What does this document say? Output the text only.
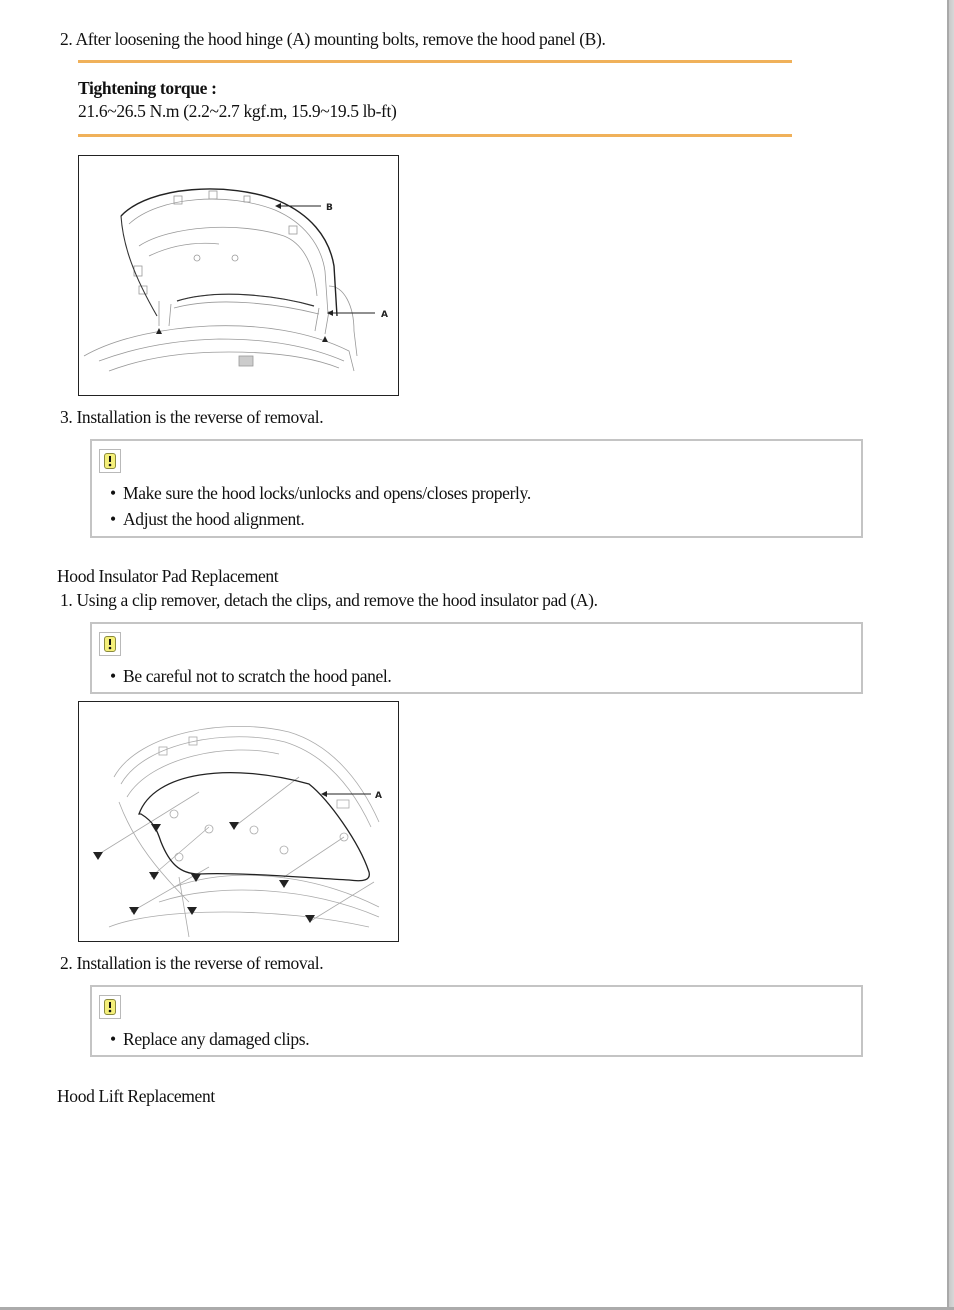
2. After loosening the hood hinge (A) mounting bolts, remove the hood panel (B).
Tightening torque :
21.6~26.5 N.m (2.2~2.7 kgf.m, 15.9~19.5 lb-ft)
B
A
3. Installation is the reverse of removal.
• Make sure the hood locks/unlocks and opens/closes properly.
• Adjust the hood alignment.
Hood Insulator Pad Replacement
1. Using a clip remover, detach the clips, and remove the hood insulator pad (A).
• Be careful not to scratch the hood panel.
A
2. Installation is the reverse of removal.
• Replace any damaged clips.
Hood Lift Replacement
